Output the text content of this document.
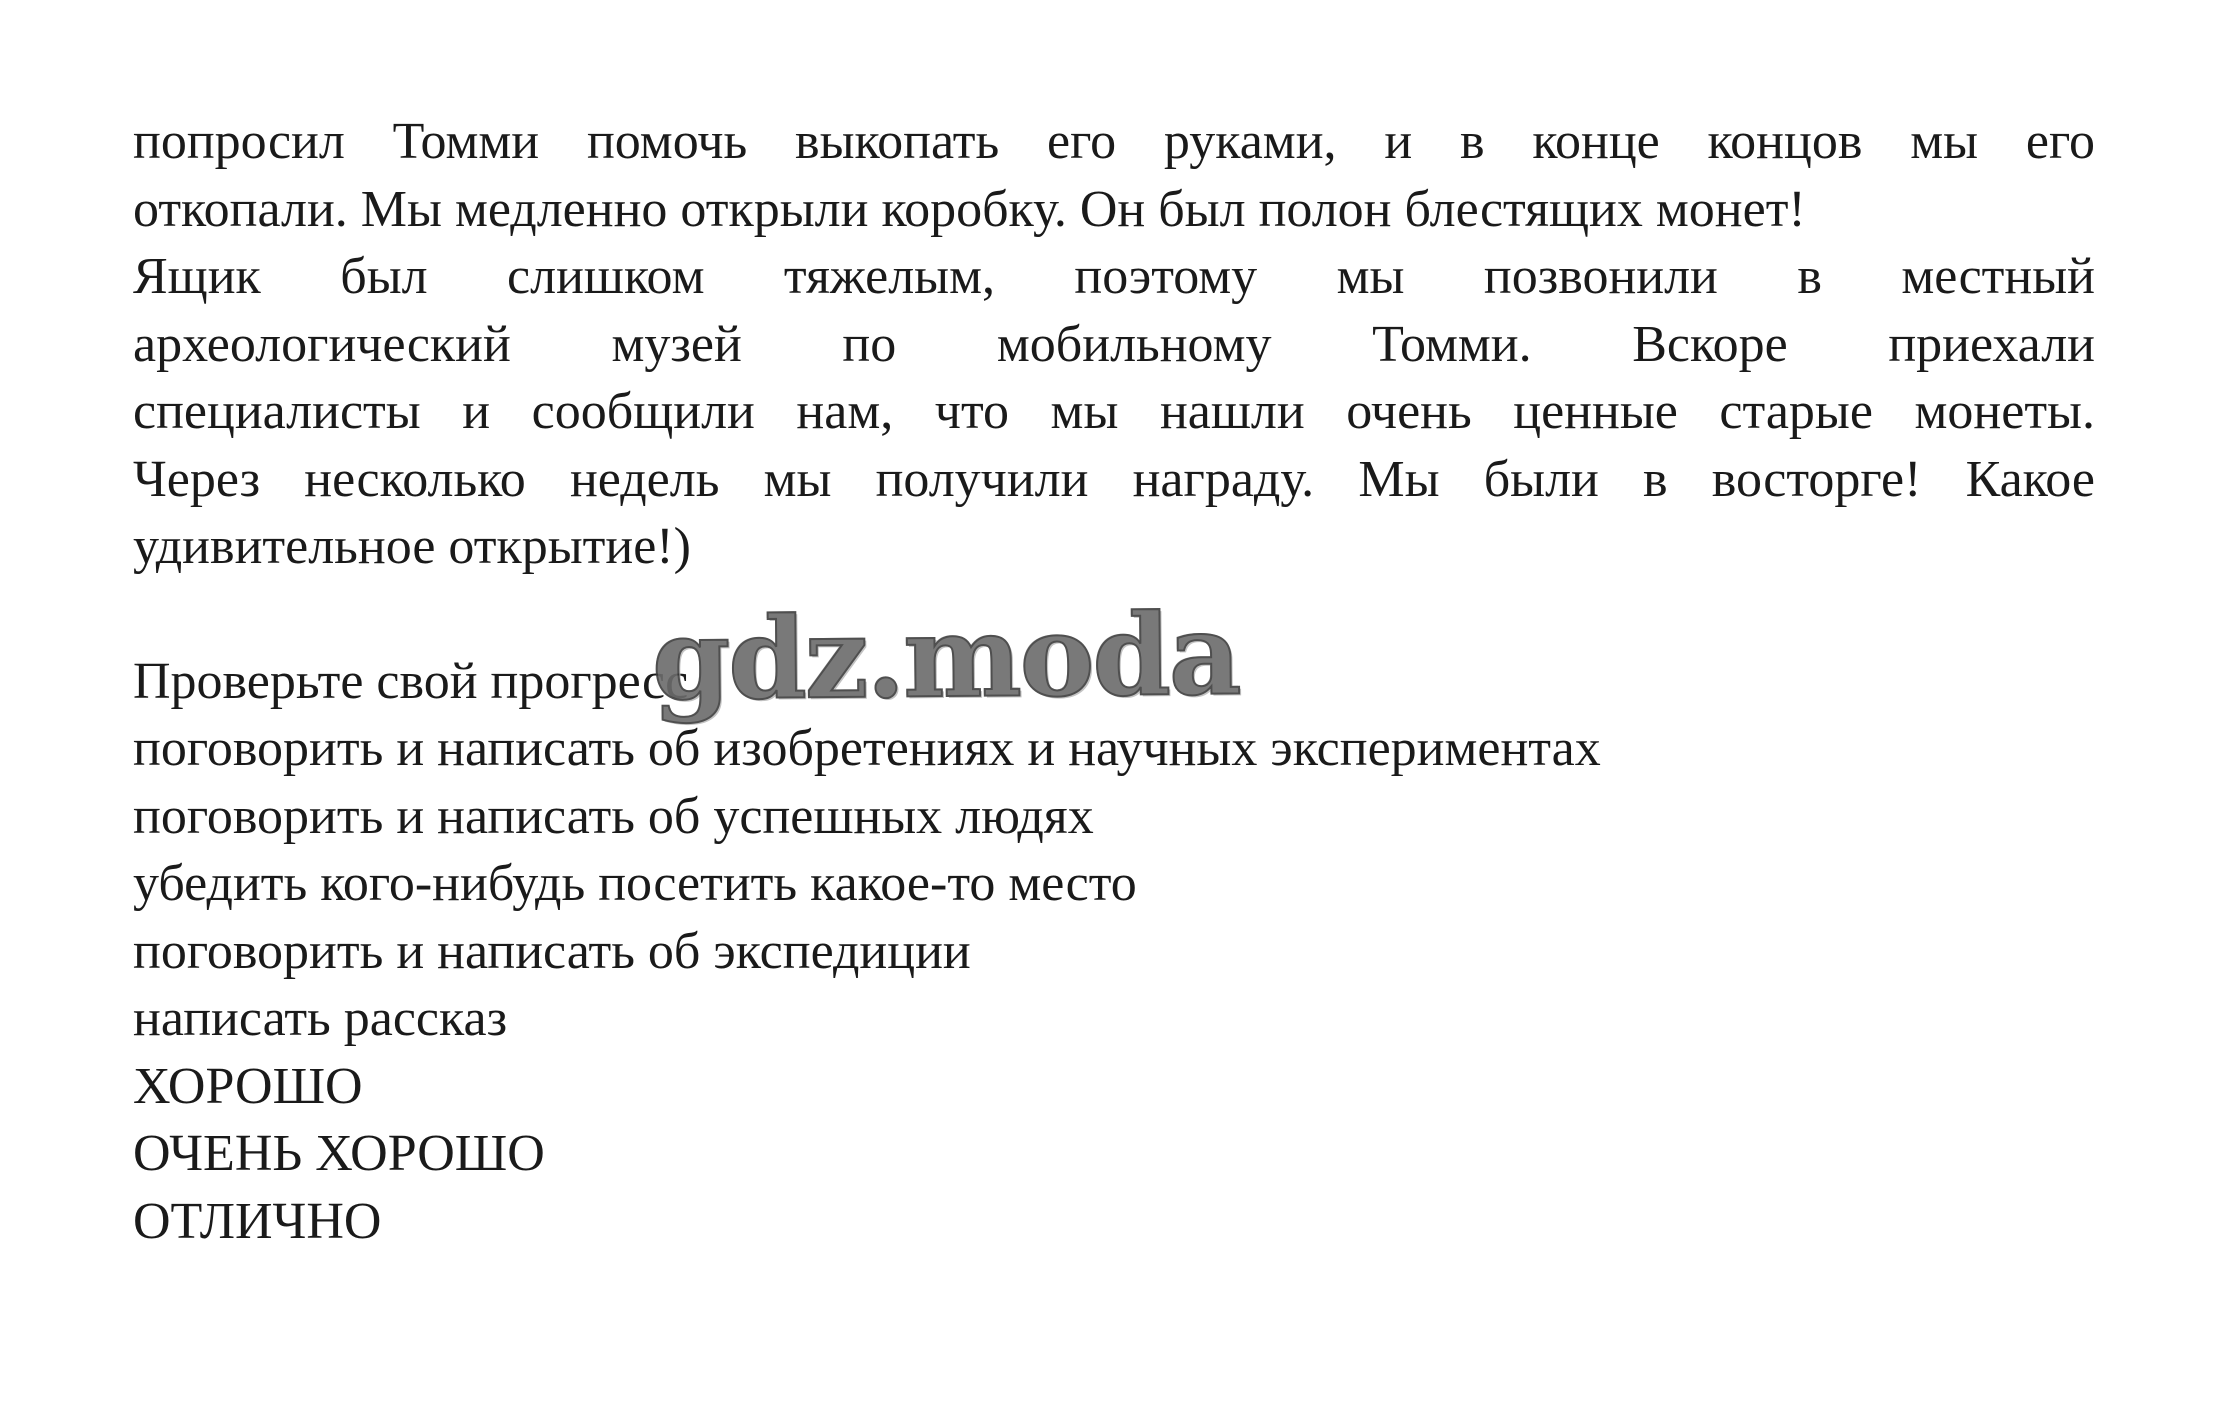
попросил Томми помочь выкопать его руками, и в конце концов мы его
откопали. Мы медленно открыли коробку. Он был полон блестящих монет!
Ящик был слишком тяжелым, поэтому мы позвонили в местный
археологический музей по мобильному Томми. Вскоре приехали
специалисты и сообщили нам, что мы нашли очень ценные старые монеты.
Через несколько недель мы получили награду. Мы были в восторге! Какое
удивительное открытие!)
Проверьте свой прогресс
поговорить и написать об изобретениях и научных экспериментах
поговорить и написать об успешных людях
убедить кого-нибудь посетить какое-то место
поговорить и написать об экспедиции
написать рассказ
ХОРОШО
ОЧЕНЬ ХОРОШО
ОТЛИЧНО
gdz.moda
